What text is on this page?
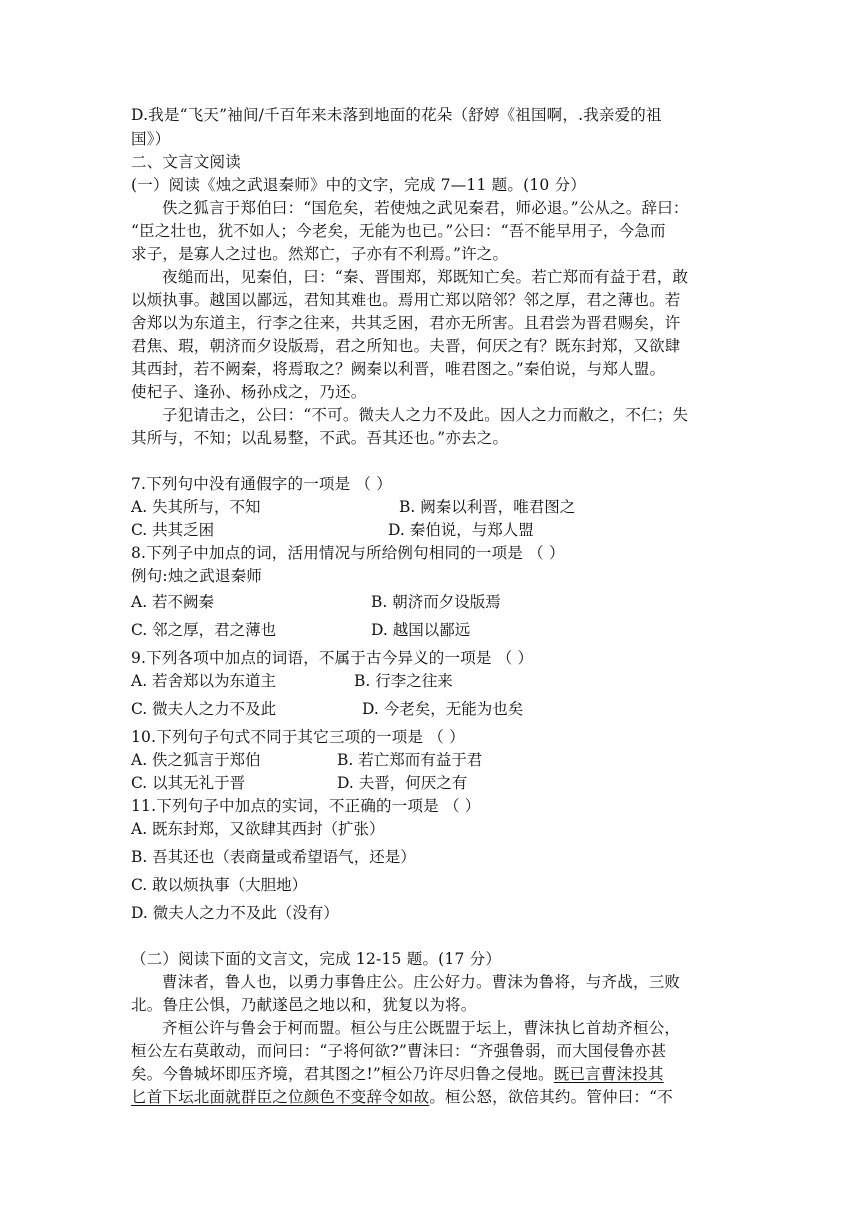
D.我是“飞天”袖间/千百年来未落到地面的花朵（舒婷《祖国啊，.我亲爱的祖
国》）
二、文言文阅读
(一）阅读《烛之武退秦师》中的文字，完成 7—11 题。(10 分）
佚之狐言于郑伯曰：“国危矣，若使烛之武见秦君，师必退。”公从之。辞曰：
“臣之壮也，犹不如人；今老矣，无能为也已。”公曰：“吾不能早用子，今急而
求子，是寡人之过也。然郑亡，子亦有不利焉。”许之。
夜缒而出，见秦伯，曰：“秦、晋围郑，郑既知亡矣。若亡郑而有益于君，敢
以烦执事。越国以鄙远，君知其难也。焉用亡郑以陪邻？邻之厚，君之薄也。若
舍郑以为东道主，行李之往来，共其乏困，君亦无所害。且君尝为晋君赐矣，许
君焦、瑕，朝济而夕设版焉，君之所知也。夫晋，何厌之有？既东封郑，又欲肆
其西封，若不阙秦，将焉取之？阙秦以利晋，唯君图之。”秦伯说，与郑人盟。
使杞子、逢孙、杨孙戍之，乃还。
子犯请击之，公曰：“不可。微夫人之力不及此。因人之力而敝之，不仁；失
其所与，不知；以乱易整，不武。吾其还也。”亦去之。
7.下列句中没有通假字的一项是 （ ）
A. 失其所与，不知	B. 阙秦以利晋，唯君图之
C. 共其乏困	D. 秦伯说，与郑人盟
8.下列子中加点的词，活用情况与所给例句相同的一项是 （ ）
例句:烛之武退秦师
A. 若不阙秦	B. 朝济而夕设版焉
C. 邻之厚，君之薄也	D. 越国以鄙远
9.下列各项中加点的词语，不属于古今异义的一项是 （ ）
A. 若舍郑以为东道主	B. 行李之往来
C. 微夫人之力不及此	D. 今老矣，无能为也矣
10.下列句子句式不同于其它三项的一项是 （ ）
A. 佚之狐言于郑伯	B. 若亡郑而有益于君
C. 以其无礼于晋	D. 夫晋，何厌之有
11.下列句子中加点的实词，不正确的一项是 （ ）
A. 既东封郑，又欲肆其西封（扩张）
B. 吾其还也（表商量或希望语气，还是）
C. 敢以烦执事（大胆地）
D. 微夫人之力不及此（没有）
（二）阅读下面的文言文，完成 12-15 题。(17 分）
曹沫者，鲁人也，以勇力事鲁庄公。庄公好力。曹沫为鲁将，与齐战，三败
北。鲁庄公惧，乃献遂邑之地以和，犹复以为将。
齐桓公许与鲁会于柯而盟。桓公与庄公既盟于坛上，曹沫执匕首劫齐桓公，
桓公左右莫敢动，而问曰：“子将何欲?”曹沫曰：“齐强鲁弱，而大国侵鲁亦甚
矣。今鲁城坏即压齐境，君其图之!”桓公乃许尽归鲁之侵地。既已言曹沫投其
匕首下坛北面就群臣之位颜色不变辞令如故。桓公怒，欲倍其约。管仲曰：“不
